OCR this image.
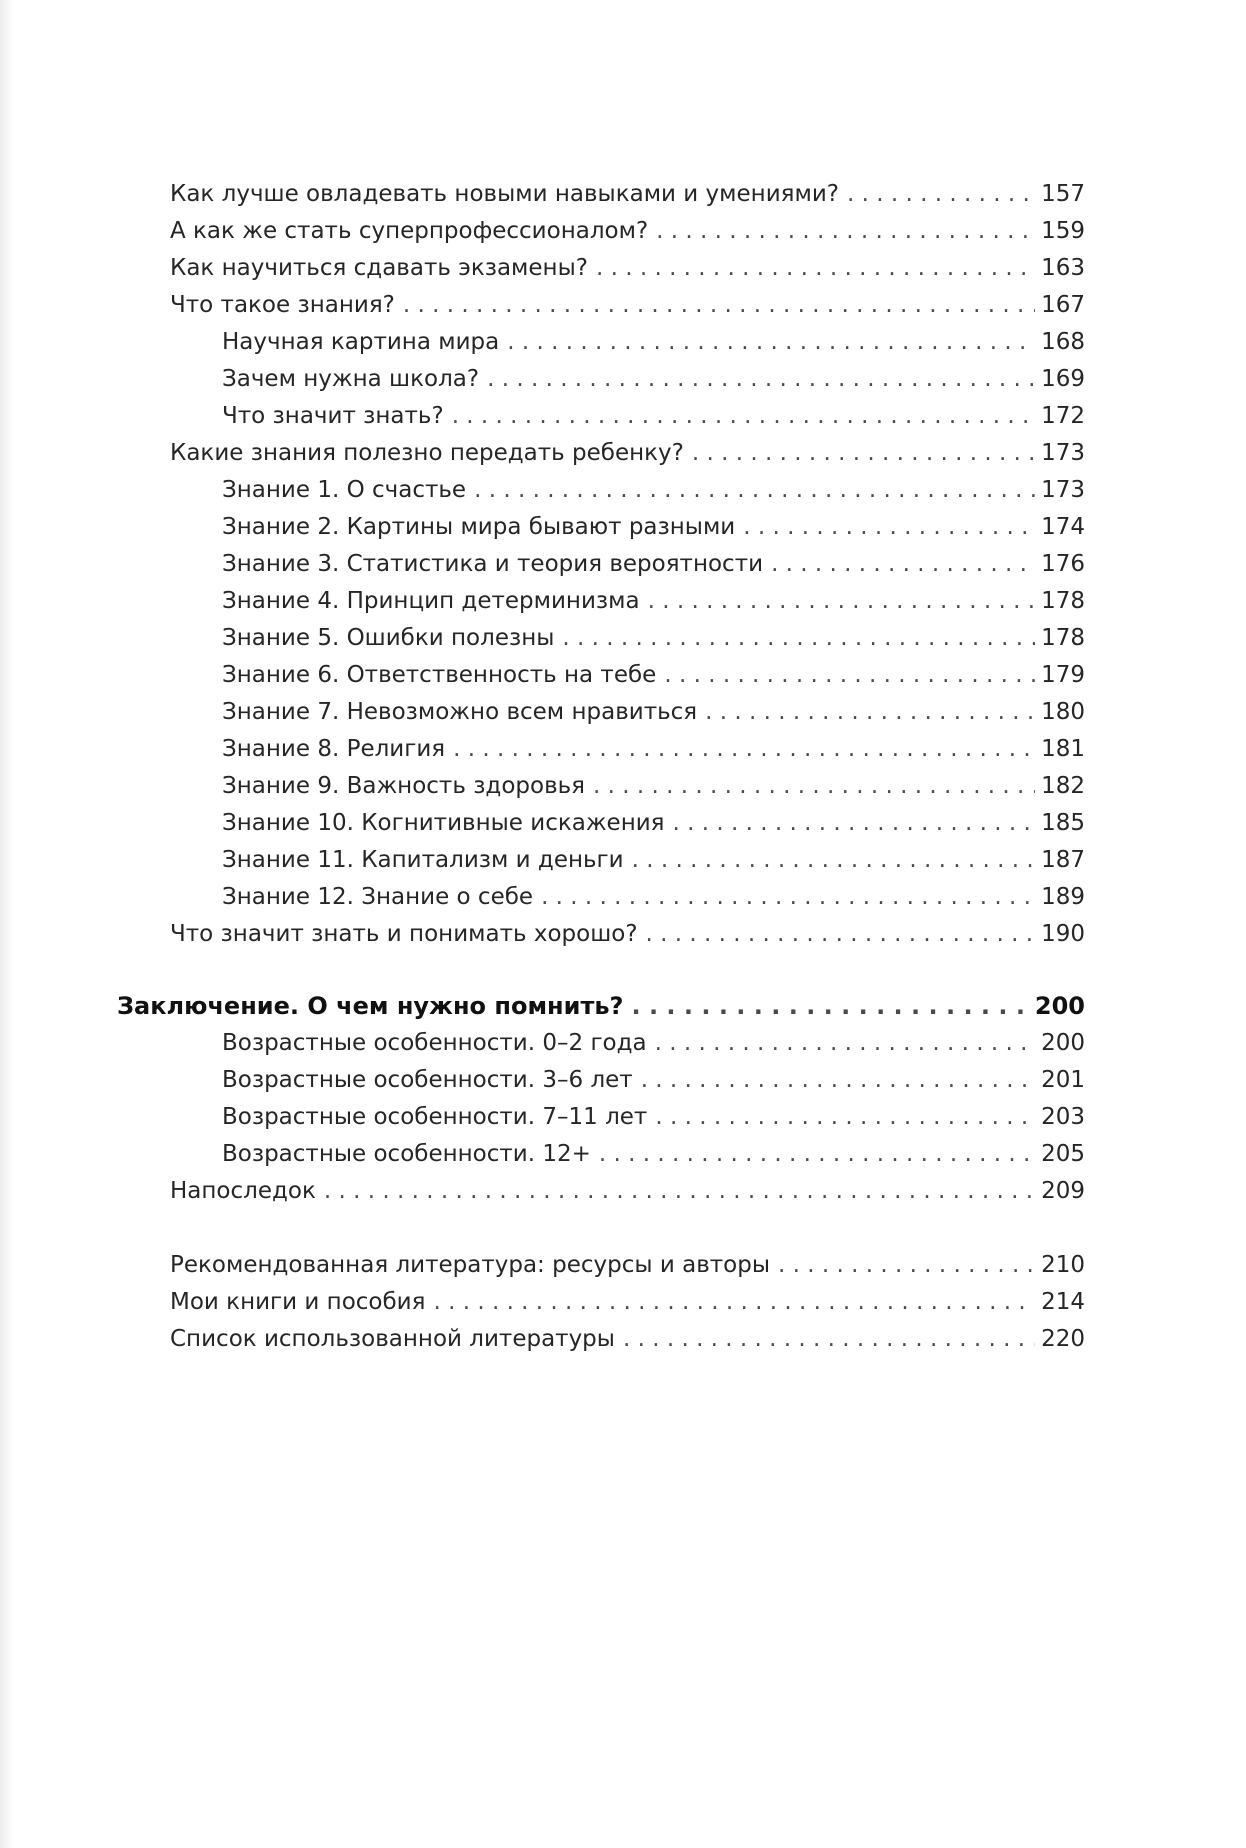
Как лучше овладевать новыми навыками и умениями? . . .	157
А как же стать суперпрофессионалом? . . .	159
Как научиться сдавать экзамены? . . .	163
Что такое знания? . . .	167
Научная картина мира . . .	168
Зачем нужна школа? . . .	169
Что значит знать? . . .	172
Какие знания полезно передать ребенку? . . .	173
Знание 1. О счастье . . .	173
Знание 2. Картины мира бывают разными . . .	174
Знание 3. Статистика и теория вероятности . . .	176
Знание 4. Принцип детерминизма . . .	178
Знание 5. Ошибки полезны . . .	178
Знание 6. Ответственность на тебе . . .	179
Знание 7. Невозможно всем нравиться . . .	180
Знание 8. Религия . . .	181
Знание 9. Важность здоровья . . .	182
Знание 10. Когнитивные искажения . . .	185
Знание 11. Капитализм и деньги . . .	187
Знание 12. Знание о себе . . .	189
Что значит знать и понимать хорошо? . . .	190
Заключение. О чем нужно помнить? . . .	200
Возрастные особенности. 0–2 года . . .	200
Возрастные особенности. 3–6 лет . . .	201
Возрастные особенности. 7–11 лет . . .	203
Возрастные особенности. 12+ . . .	205
Напоследок . . .	209
Рекомендованная литература: ресурсы и авторы . . .	210
Мои книги и пособия . . .	214
Список использованной литературы . . .	220
